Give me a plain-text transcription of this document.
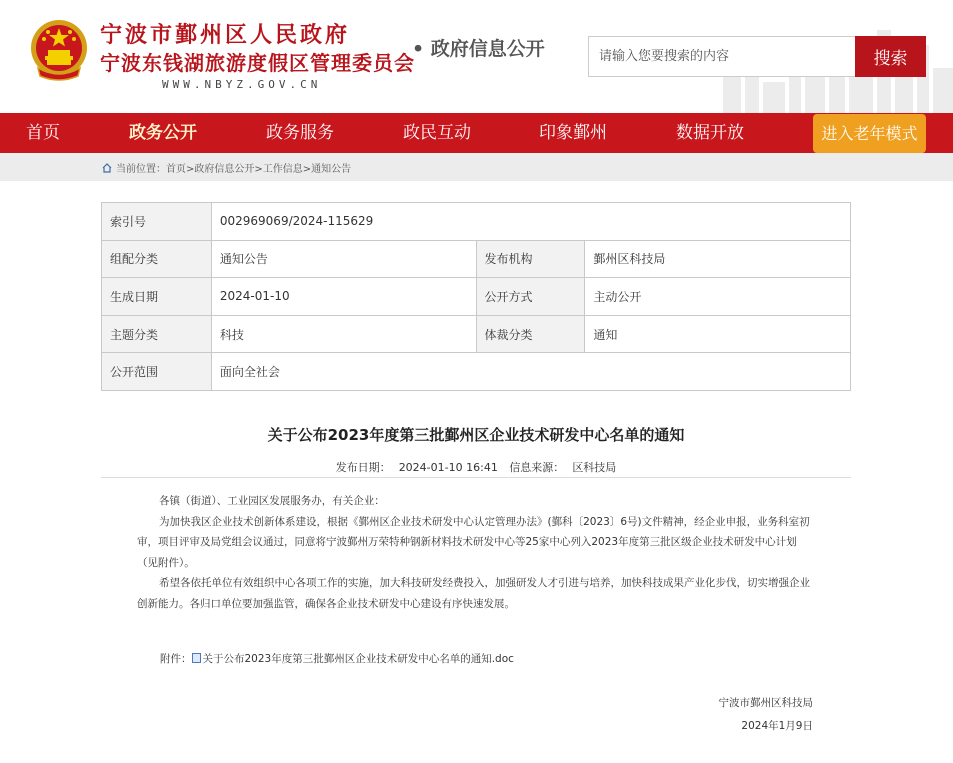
宁波市鄞州区人民政府
宁波东钱湖旅游度假区管理委员会
• 政府信息公开
WWW.NBYZ.GOV.CN
请输入您要搜索的内容
搜索
首页	政务公开	政务服务	政民互动	印象鄞州	数据开放	进入老年模式
当前位置：首页>政府信息公开>工作信息>通知公告
索引号	002969069/2024-115629		
组配分类	通知公告	发布机构	鄞州区科技局
生成日期	2024-01-10	公开方式	主动公开
主题分类	科技	体裁分类	通知
公开范围	面向全社会		
关于公布2023年度第三批鄞州区企业技术研发中心名单的通知
发布日期： 2024-01-10 16:41 信息来源： 区科技局

各镇（街道）、工业园区发展服务办，有关企业：

为加快我区企业技术创新体系建设，根据《鄞州区企业技术研发中心认定管理办法》(鄞科〔2023〕6号)文件精神，经企业申报，业务科室初审，项目评审及局党组会议通过，同意将宁波鄞州万荣特种钢新材料技术研发中心等25家中心列入2023年度第三批区级企业技术研发中心计划（见附件）。

希望各依托单位有效组织中心各项工作的实施，加大科技研发经费投入，加强研发人才引进与培养，加快科技成果产业化步伐，切实增强企业创新能力。各归口单位要加强监管，确保各企业技术研发中心建设有序快速发展。

附件： 关于公布2023年度第三批鄞州区企业技术研发中心名单的通知.doc
宁波市鄞州区科技局
2024年1月9日
